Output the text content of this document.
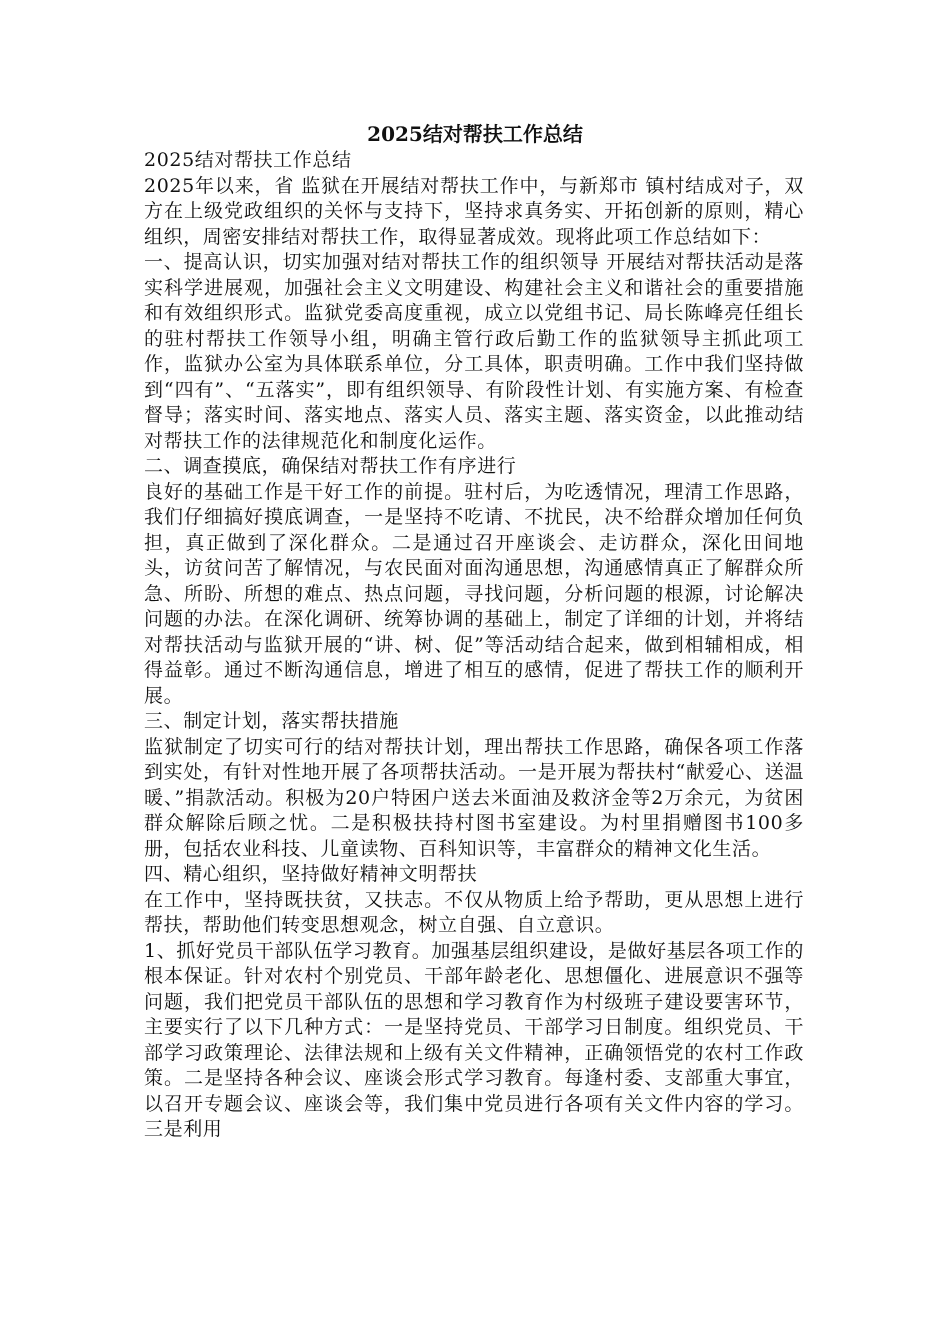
2025结对帮扶工作总结

2025结对帮扶工作总结

2025年以来，省 监狱在开展结对帮扶工作中，与新郑市 镇村结成对子，双方在上级党政组织的关怀与支持下，坚持求真务实、开拓创新的原则，精心组织，周密安排结对帮扶工作，取得显著成效。现将此项工作总结如下：

一、提高认识，切实加强对结对帮扶工作的组织领导 开展结对帮扶活动是落实科学进展观，加强社会主义文明建设、构建社会主义和谐社会的重要措施和有效组织形式。监狱党委高度重视，成立以党组书记、局长陈峰亮任组长的驻村帮扶工作领导小组，明确主管行政后勤工作的监狱领导主抓此项工作，监狱办公室为具体联系单位，分工具体，职责明确。工作中我们坚持做到“四有”、“五落实”，即有组织领导、有阶段性计划、有实施方案、有检查督导；落实时间、落实地点、落实人员、落实主题、落实资金，以此推动结对帮扶工作的法律规范化和制度化运作。

二、调查摸底，确保结对帮扶工作有序进行

良好的基础工作是干好工作的前提。驻村后，为吃透情况，理清工作思路，我们仔细搞好摸底调查，一是坚持不吃请、不扰民，决不给群众增加任何负担，真正做到了深化群众。二是通过召开座谈会、走访群众，深化田间地头，访贫问苦了解情况，与农民面对面沟通思想，沟通感情真正了解群众所急、所盼、所想的难点、热点问题，寻找问题，分析问题的根源，讨论解决问题的办法。在深化调研、统筹协调的基础上，制定了详细的计划，并将结对帮扶活动与监狱开展的“讲、树、促”等活动结合起来，做到相辅相成，相得益彰。通过不断沟通信息，增进了相互的感情，促进了帮扶工作的顺利开展。

三、制定计划，落实帮扶措施

监狱制定了切实可行的结对帮扶计划，理出帮扶工作思路，确保各项工作落到实处，有针对性地开展了各项帮扶活动。一是开展为帮扶村“献爱心、送温暖、”捐款活动。积极为20户特困户送去米面油及救济金等2万余元，为贫困群众解除后顾之忧。二是积极扶持村图书室建设。为村里捐赠图书100多册，包括农业科技、儿童读物、百科知识等，丰富群众的精神文化生活。

四、精心组织，坚持做好精神文明帮扶

在工作中，坚持既扶贫，又扶志。不仅从物质上给予帮助，更从思想上进行帮扶，帮助他们转变思想观念，树立自强、自立意识。

1、抓好党员干部队伍学习教育。加强基层组织建设，是做好基层各项工作的根本保证。针对农村个别党员、干部年龄老化、思想僵化、进展意识不强等问题，我们把党员干部队伍的思想和学习教育作为村级班子建设要害环节，主要实行了以下几种方式：一是坚持党员、干部学习日制度。组织党员、干部学习政策理论、法律法规和上级有关文件精神，正确领悟党的农村工作政策。二是坚持各种会议、座谈会形式学习教育。每逢村委、支部重大事宜，以召开专题会议、座谈会等，我们集中党员进行各项有关文件内容的学习。三是利用
